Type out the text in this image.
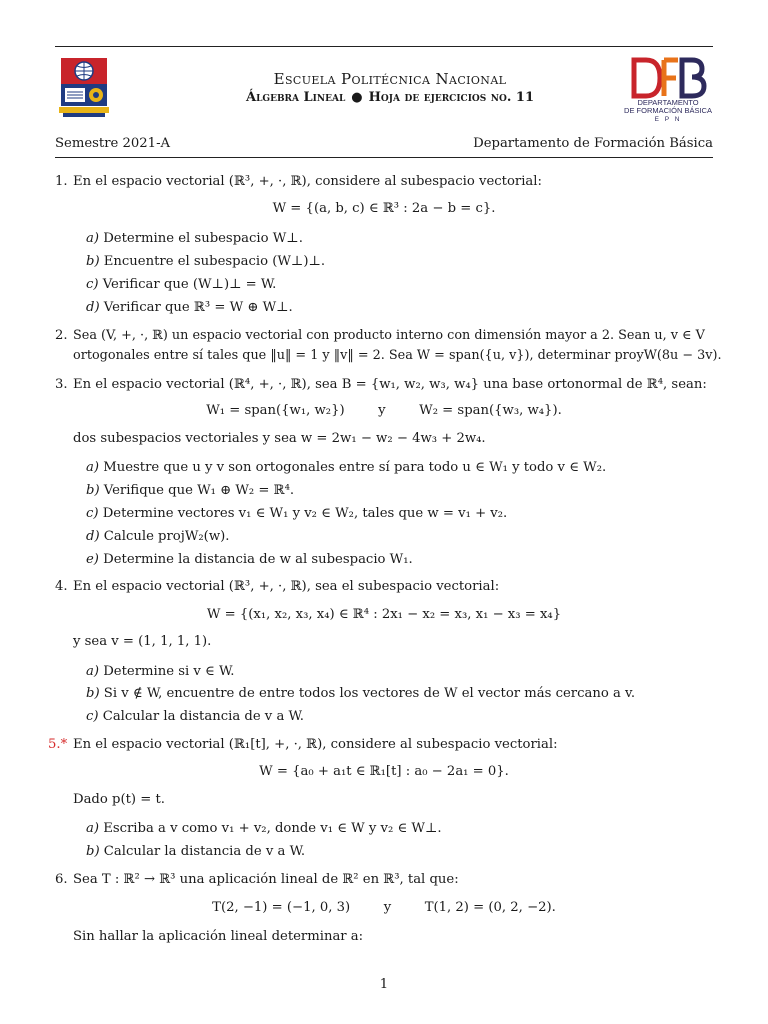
Escuela Politécnica Nacional
Álgebra Lineal ● Hoja de ejercicios no. 11	DEPARTAMENTO
DE FORMACIÓN BÁSICA
E P N
Semestre 2021-A	Departamento de Formación Básica
1. En el espacio vectorial (ℝ³, +, ·, ℝ), considere al subespacio vectorial:
W = {(a, b, c) ∈ ℝ³ : 2a − b = c}.
a) Determine el subespacio W⊥.
b) Encuentre el subespacio (W⊥)⊥.
c) Verificar que (W⊥)⊥ = W.
d) Verificar que ℝ³ = W ⊕ W⊥.
2. Sea (V, +, ·, ℝ) un espacio vectorial con producto interno con dimensión mayor a 2. Sean u, v ∈ V
ortogonales entre sí tales que ‖u‖ = 1 y ‖v‖ = 2. Sea W = span({u, v}), determinar proyW(8u − 3v).
3. En el espacio vectorial (ℝ⁴, +, ·, ℝ), sea B = {w₁, w₂, w₃, w₄} una base ortonormal de ℝ⁴, sean:
W₁ = span({w₁, w₂})        y        W₂ = span({w₃, w₄}).
dos subespacios vectoriales y sea w = 2w₁ − w₂ − 4w₃ + 2w₄.
a) Muestre que u y v son ortogonales entre sí para todo u ∈ W₁ y todo v ∈ W₂.
b) Verifique que W₁ ⊕ W₂ = ℝ⁴.
c) Determine vectores v₁ ∈ W₁ y v₂ ∈ W₂, tales que w = v₁ + v₂.
d) Calcule projW₂(w).
e) Determine la distancia de w al subespacio W₁.
4. En el espacio vectorial (ℝ³, +, ·, ℝ), sea el subespacio vectorial:
W = {(x₁, x₂, x₃, x₄) ∈ ℝ⁴ : 2x₁ − x₂ = x₃, x₁ − x₃ = x₄}
y sea v = (1, 1, 1, 1).
a) Determine si v ∈ W.
b) Si v ∉ W, encuentre de entre todos los vectores de W el vector más cercano a v.
c) Calcular la distancia de v a W.
5.* En el espacio vectorial (ℝ₁[t], +, ·, ℝ), considere al subespacio vectorial:
W = {a₀ + a₁t ∈ ℝ₁[t] : a₀ − 2a₁ = 0}.
Dado p(t) = t.
a) Escriba a v como v₁ + v₂, donde v₁ ∈ W y v₂ ∈ W⊥.
b) Calcular la distancia de v a W.
6. Sea T : ℝ² → ℝ³ una aplicación lineal de ℝ² en ℝ³, tal que:
T(2, −1) = (−1, 0, 3)        y        T(1, 2) = (0, 2, −2).
Sin hallar la aplicación lineal determinar a:
1
